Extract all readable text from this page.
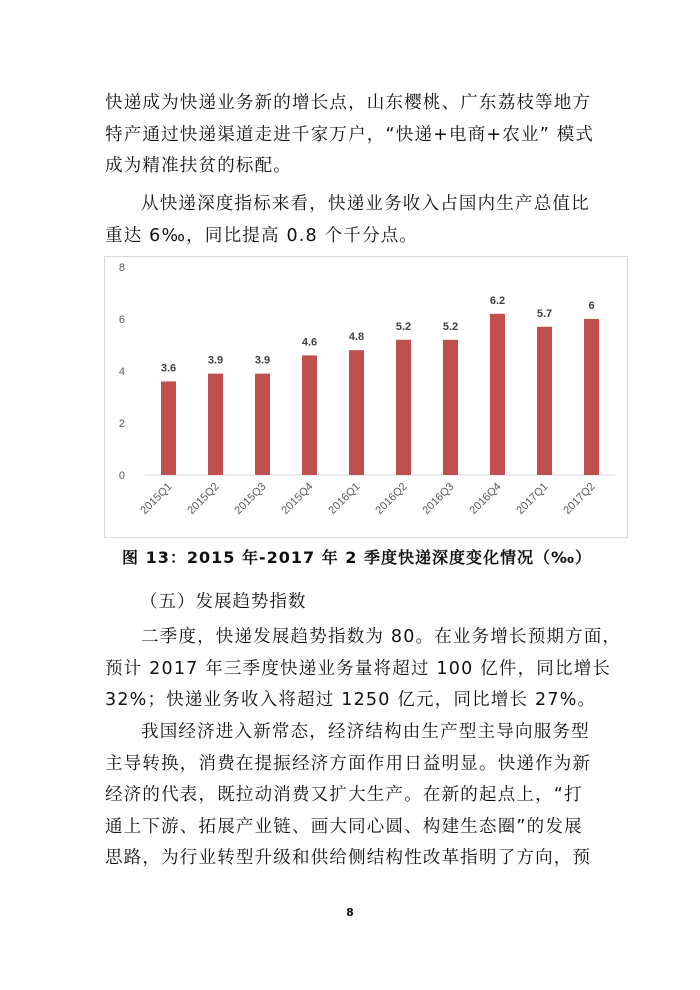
快递成为快递业务新的增长点，山东樱桃、广东荔枝等地方
特产通过快递渠道走进千家万户，“快递+电商+农业” 模式
成为精准扶贫的标配。
从快递深度指标来看，快递业务收入占国内生产总值比
重达 6‰，同比提高 0.8 个千分点。
0
2
4
6
8
3.6
2015Q1
3.9
2015Q2
3.9
2015Q3
4.6
2015Q4
4.8
2016Q1
5.2
2016Q2
5.2
2016Q3
6.2
2016Q4
5.7
2017Q1
6
2017Q2
图 13：2015 年-2017 年 2 季度快递深度变化情况（‰）
（五）发展趋势指数
二季度，快递发展趋势指数为 80。在业务增长预期方面，
预计 2017 年三季度快递业务量将超过 100 亿件，同比增长
32%；快递业务收入将超过 1250 亿元，同比增长 27%。
我国经济进入新常态，经济结构由生产型主导向服务型
主导转换，消费在提振经济方面作用日益明显。快递作为新
经济的代表，既拉动消费又扩大生产。在新的起点上，“打
通上下游、拓展产业链、画大同心圆、构建生态圈”的发展
思路，为行业转型升级和供给侧结构性改革指明了方向，预
8
